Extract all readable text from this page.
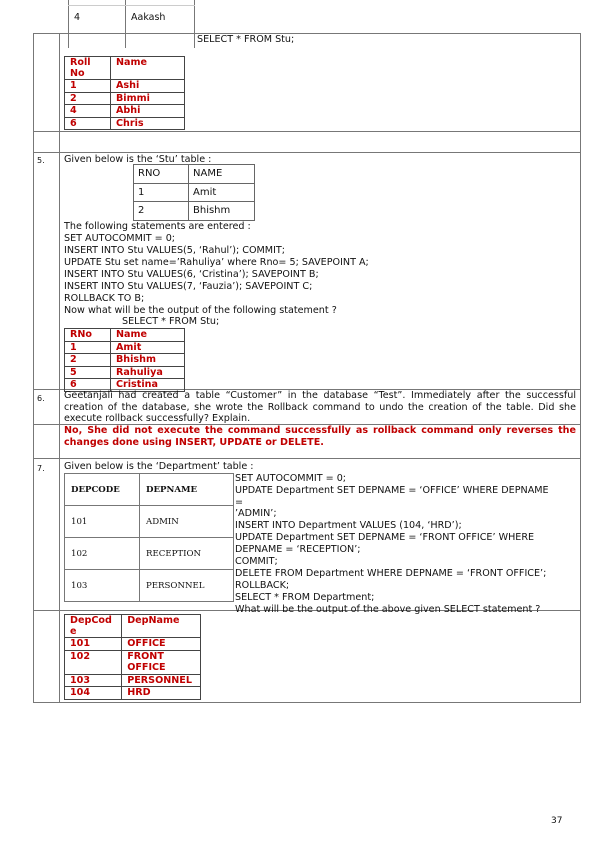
4	Aakash
SELECT * FROM Stu;
Roll
No	Name
1	Ashi
2	Bimmi
4	Abhi
6	Chris
5. Given below is the ‘Stu’ table :
RNO	NAME
1	Amit
2	Bhishm
The following statements are entered :
SET AUTOCOMMIT = 0;
INSERT INTO Stu VALUES(5, ‘Rahul’); COMMIT;
UPDATE Stu set name=’Rahuliya’ where Rno= 5; SAVEPOINT A;
INSERT INTO Stu VALUES(6, ‘Cristina’); SAVEPOINT B;
INSERT INTO Stu VALUES(7, ‘Fauzia’); SAVEPOINT C;
ROLLBACK TO B;
Now what will be the output of the following statement ?
SELECT * FROM Stu;
RNo	Name
1	Amit
2	Bhishm
5	Rahuliya
6	Cristina
6. Geetanjali had created a table “Customer” in the database “Test”. Immediately after the successful creation of the database, she wrote the Rollback command to undo the creation of the table. Did she execute rollback successfully? Explain.
No, She did not execute the command successfully as rollback command only reverses the changes done using INSERT, UPDATE or DELETE.
7. Given below is the ‘Department’ table :
DEPCODE	DEPNAME
101	ADMIN
102	RECEPTION
103	PERSONNEL
SET AUTOCOMMIT = 0;
UPDATE Department SET DEPNAME = ‘OFFICE’ WHERE DEPNAME
=
’ADMIN’;
INSERT INTO Department VALUES (104, ‘HRD’);
UPDATE Department SET DEPNAME = ‘FRONT OFFICE’ WHERE
DEPNAME = ‘RECEPTION’;
COMMIT;
DELETE FROM Department WHERE DEPNAME = ‘FRONT OFFICE’;
ROLLBACK;
SELECT * FROM Department;
What will be the output of the above given SELECT statement ?
DepCod
e	DepName
101	OFFICE
102	FRONT OFFICE
103	PERSONNEL
104	HRD
37
